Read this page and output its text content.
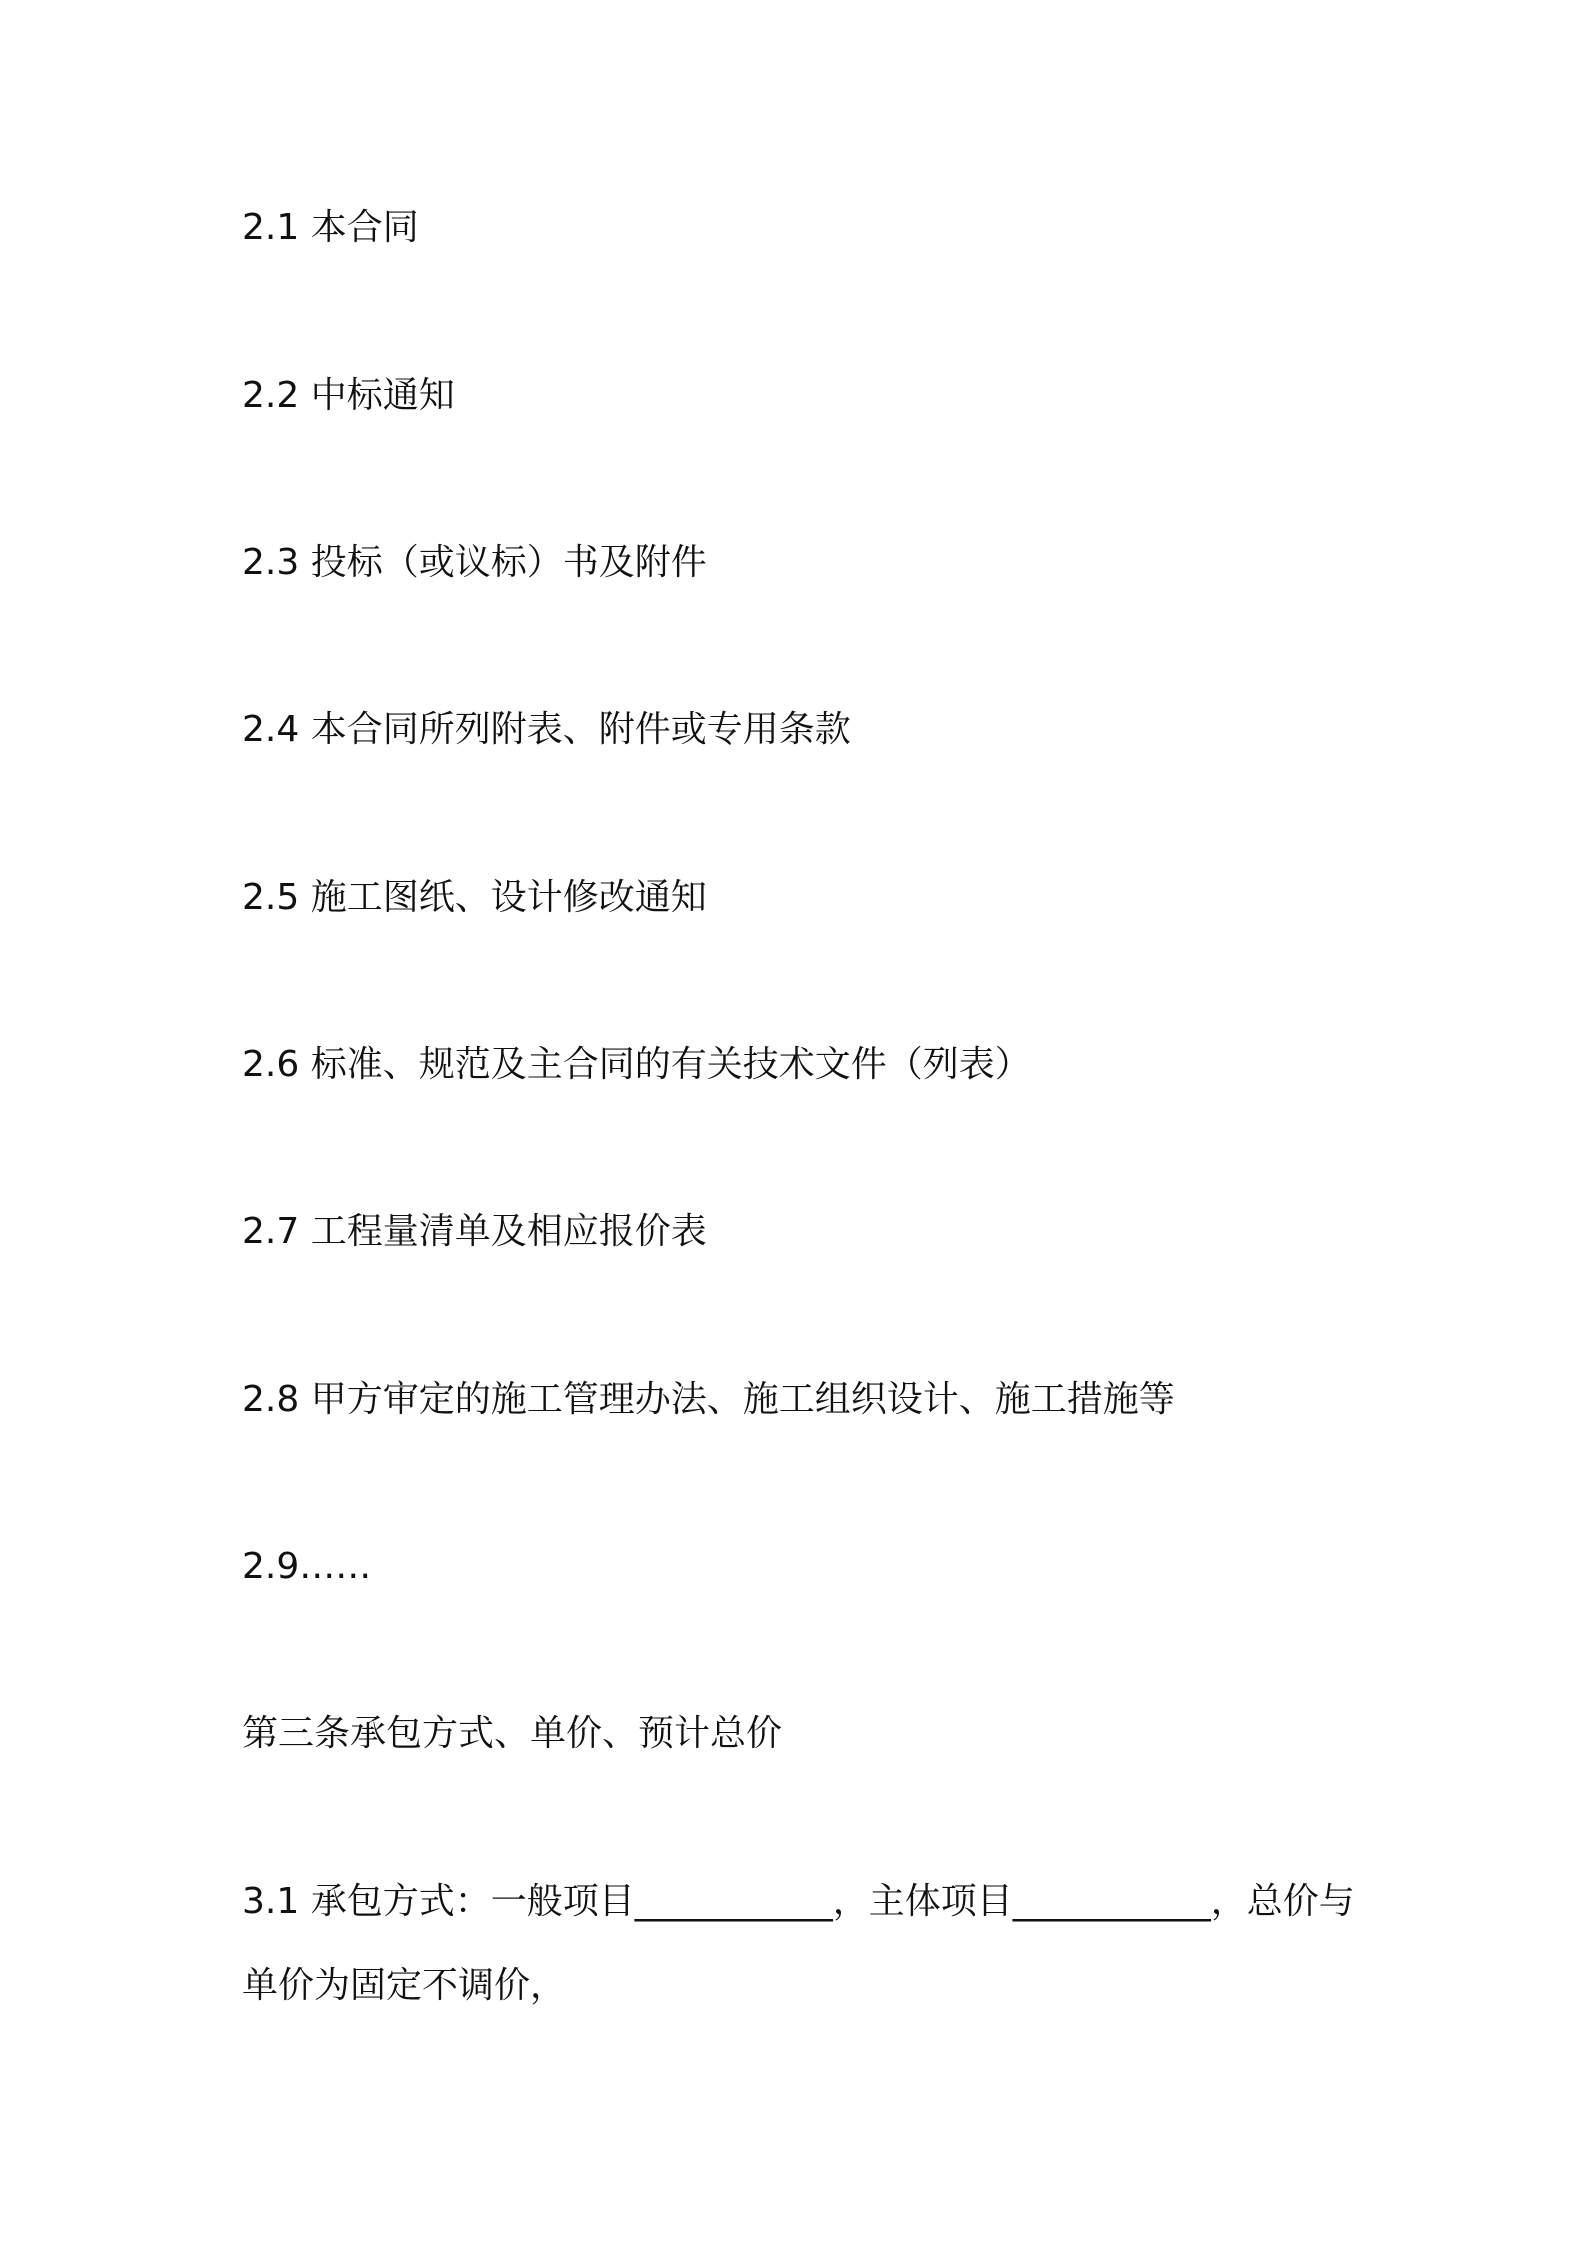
2.1 本合同

2.2 中标通知

2.3 投标（或议标）书及附件

2.4 本合同所列附表、附件或专用条款

2.5 施工图纸、设计修改通知

2.6 标准、规范及主合同的有关技术文件（列表）

2.7 工程量清单及相应报价表

2.8 甲方审定的施工管理办法、施工组织设计、施工措施等

2.9……

第三条承包方式、单价、预计总价

3.1 承包方式：一般项目___________，主体项目___________，总价与单价为固定不调价，
